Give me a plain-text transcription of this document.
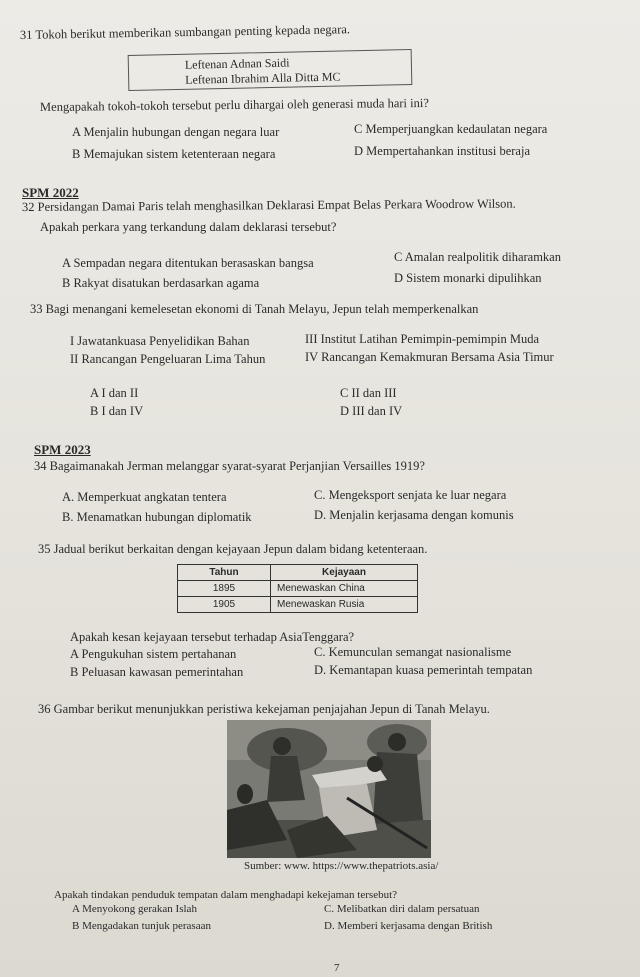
31 Tokoh berikut memberikan sumbangan penting kepada negara.
Leftenan Adnan Saidi
Leftenan Ibrahim Alla Ditta MC
Mengapakah tokoh-tokoh tersebut perlu dihargai oleh generasi muda hari ini?
A Menjalin hubungan dengan negara luar
B Memajukan sistem ketenteraan negara
C Memperjuangkan kedaulatan negara
D Mempertahankan institusi beraja
SPM 2022
32 Persidangan Damai Paris telah menghasilkan Deklarasi Empat Belas Perkara Woodrow Wilson.
Apakah perkara yang terkandung dalam deklarasi tersebut?
A Sempadan negara ditentukan berasaskan bangsa
B Rakyat disatukan berdasarkan agama
C Amalan realpolitik diharamkan
D Sistem monarki dipulihkan
33 Bagi menangani kemelesetan ekonomi di Tanah Melayu, Jepun telah memperkenalkan
I Jawatankuasa Penyelidikan Bahan
II Rancangan Pengeluaran Lima Tahun
III Institut Latihan Pemimpin-pemimpin Muda
IV Rancangan Kemakmuran Bersama Asia Timur
A I dan II
B I dan IV
C II dan III
D III dan IV
SPM 2023
34 Bagaimanakah Jerman melanggar syarat-syarat Perjanjian Versailles 1919?
A. Memperkuat angkatan tentera
B. Menamatkan hubungan diplomatik
C. Mengeksport senjata ke luar negara
D. Menjalin kerjasama dengan komunis
35 Jadual berikut berkaitan dengan kejayaan Jepun dalam bidang ketenteraan.
Tahun	Kejayaan
1895	Menewaskan China
1905	Menewaskan Rusia
Apakah kesan kejayaan tersebut terhadap AsiaTenggara?
A Pengukuhan sistem pertahanan
B Peluasan kawasan pemerintahan
C. Kemunculan semangat nasionalisme
D. Kemantapan kuasa pemerintah tempatan
36 Gambar berikut menunjukkan peristiwa kekejaman penjajahan Jepun di Tanah Melayu.
Sumber: www. https://www.thepatriots.asia/
Apakah tindakan penduduk tempatan dalam menghadapi kekejaman tersebut?
A Menyokong gerakan Islah
B Mengadakan tunjuk perasaan
C. Melibatkan diri dalam persatuan
D. Memberi kerjasama dengan British
7
